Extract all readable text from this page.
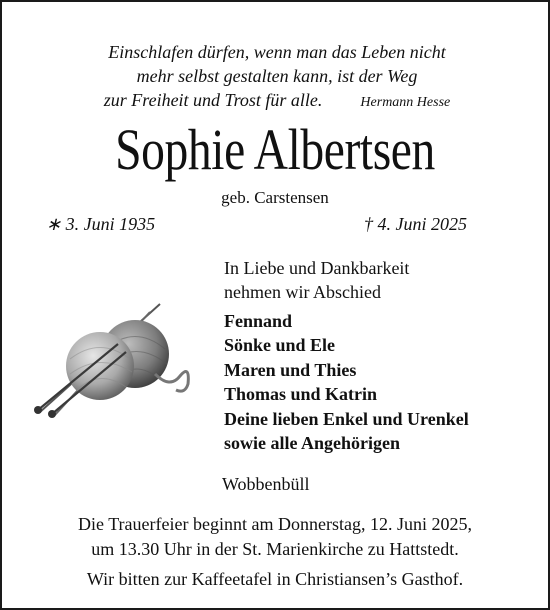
Einschlafen dürfen, wenn man das Leben nicht
mehr selbst gestalten kann, ist der Weg
zur Freiheit und Trost für alle.	Hermann Hesse
Sophie Albertsen
geb. Carstensen
∗ 3. Juni 1935	† 4. Juni 2025
In Liebe und Dankbarkeit
nehmen wir Abschied
Fennand
Sönke und Ele
Maren und Thies
Thomas und Katrin
Deine lieben Enkel und Urenkel
sowie alle Angehörigen
Wobbenbüll
Die Trauerfeier beginnt am Donnerstag, 12. Juni 2025,
um 13.30 Uhr in der St. Marienkirche zu Hattstedt.
Wir bitten zur Kaffeetafel in Christiansen’s Gasthof.
